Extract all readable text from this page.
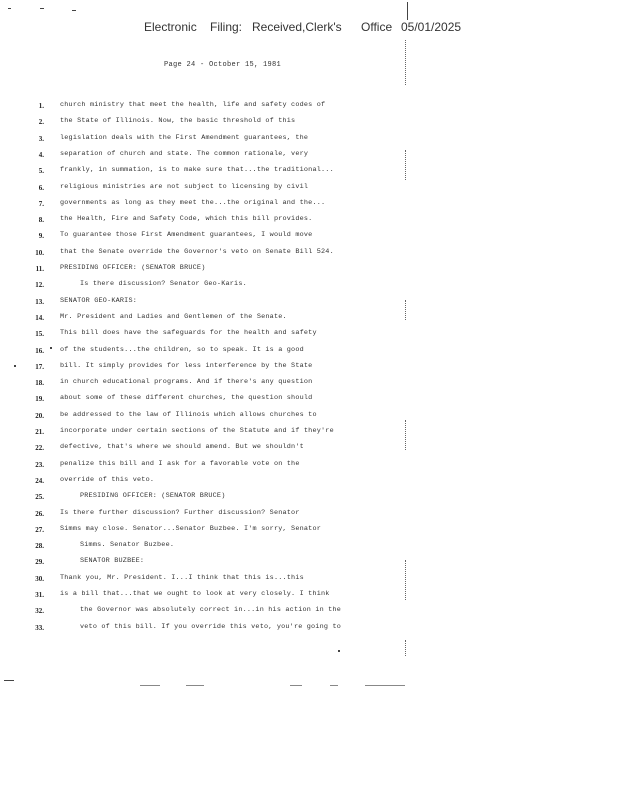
Electronic Filing: Received,Clerk's Office 05/01/2025
Page 24 - October 15, 1981
1. church ministry that meet the health, life and safety codes of
2. the State of Illinois. Now, the basic threshold of this
3. legislation deals with the First Amendment guarantees, the
4. separation of church and state. The common rationale, very
5. frankly, in summation, is to make sure that...the traditional...
6. religious ministries are not subject to licensing by civil
7. governments as long as they meet the...the original and the...
8. the Health, Fire and Safety Code, which this bill provides.
9. To guarantee those First Amendment guarantees, I would move
10. that the Senate override the Governor's veto on Senate Bill 524.
11. PRESIDING OFFICER: (SENATOR BRUCE)
12.	Is there discussion? Senator Geo-Karis.
13. SENATOR GEO-KARIS:
14. Mr. President and Ladies and Gentlemen of the Senate.
15. This bill does have the safeguards for the health and safety
16. of the students...the children, so to speak. It is a good
17. bill. It simply provides for less interference by the State
18. in church educational programs. And if there's any question
19. about some of these different churches, the question should
20. be addressed to the law of Illinois which allows churches to
21. incorporate under certain sections of the Statute and if they're
22. defective, that's where we should amend. But we shouldn't
23. penalize this bill and I ask for a favorable vote on the
24. override of this veto.
25.	PRESIDING OFFICER: (SENATOR BRUCE)
26. Is there further discussion? Further discussion? Senator
27. Simms may close. Senator...Senator Buzbee. I'm sorry, Senator
28.	Simms. Senator Buzbee.
29.	SENATOR BUZBEE:
30. Thank you, Mr. President. I...I think that this is...this
31. is a bill that...that we ought to look at very closely. I think
32.	the Governor was absolutely correct in...in his action in the
33.	veto of this bill. If you override this veto, you're going to
